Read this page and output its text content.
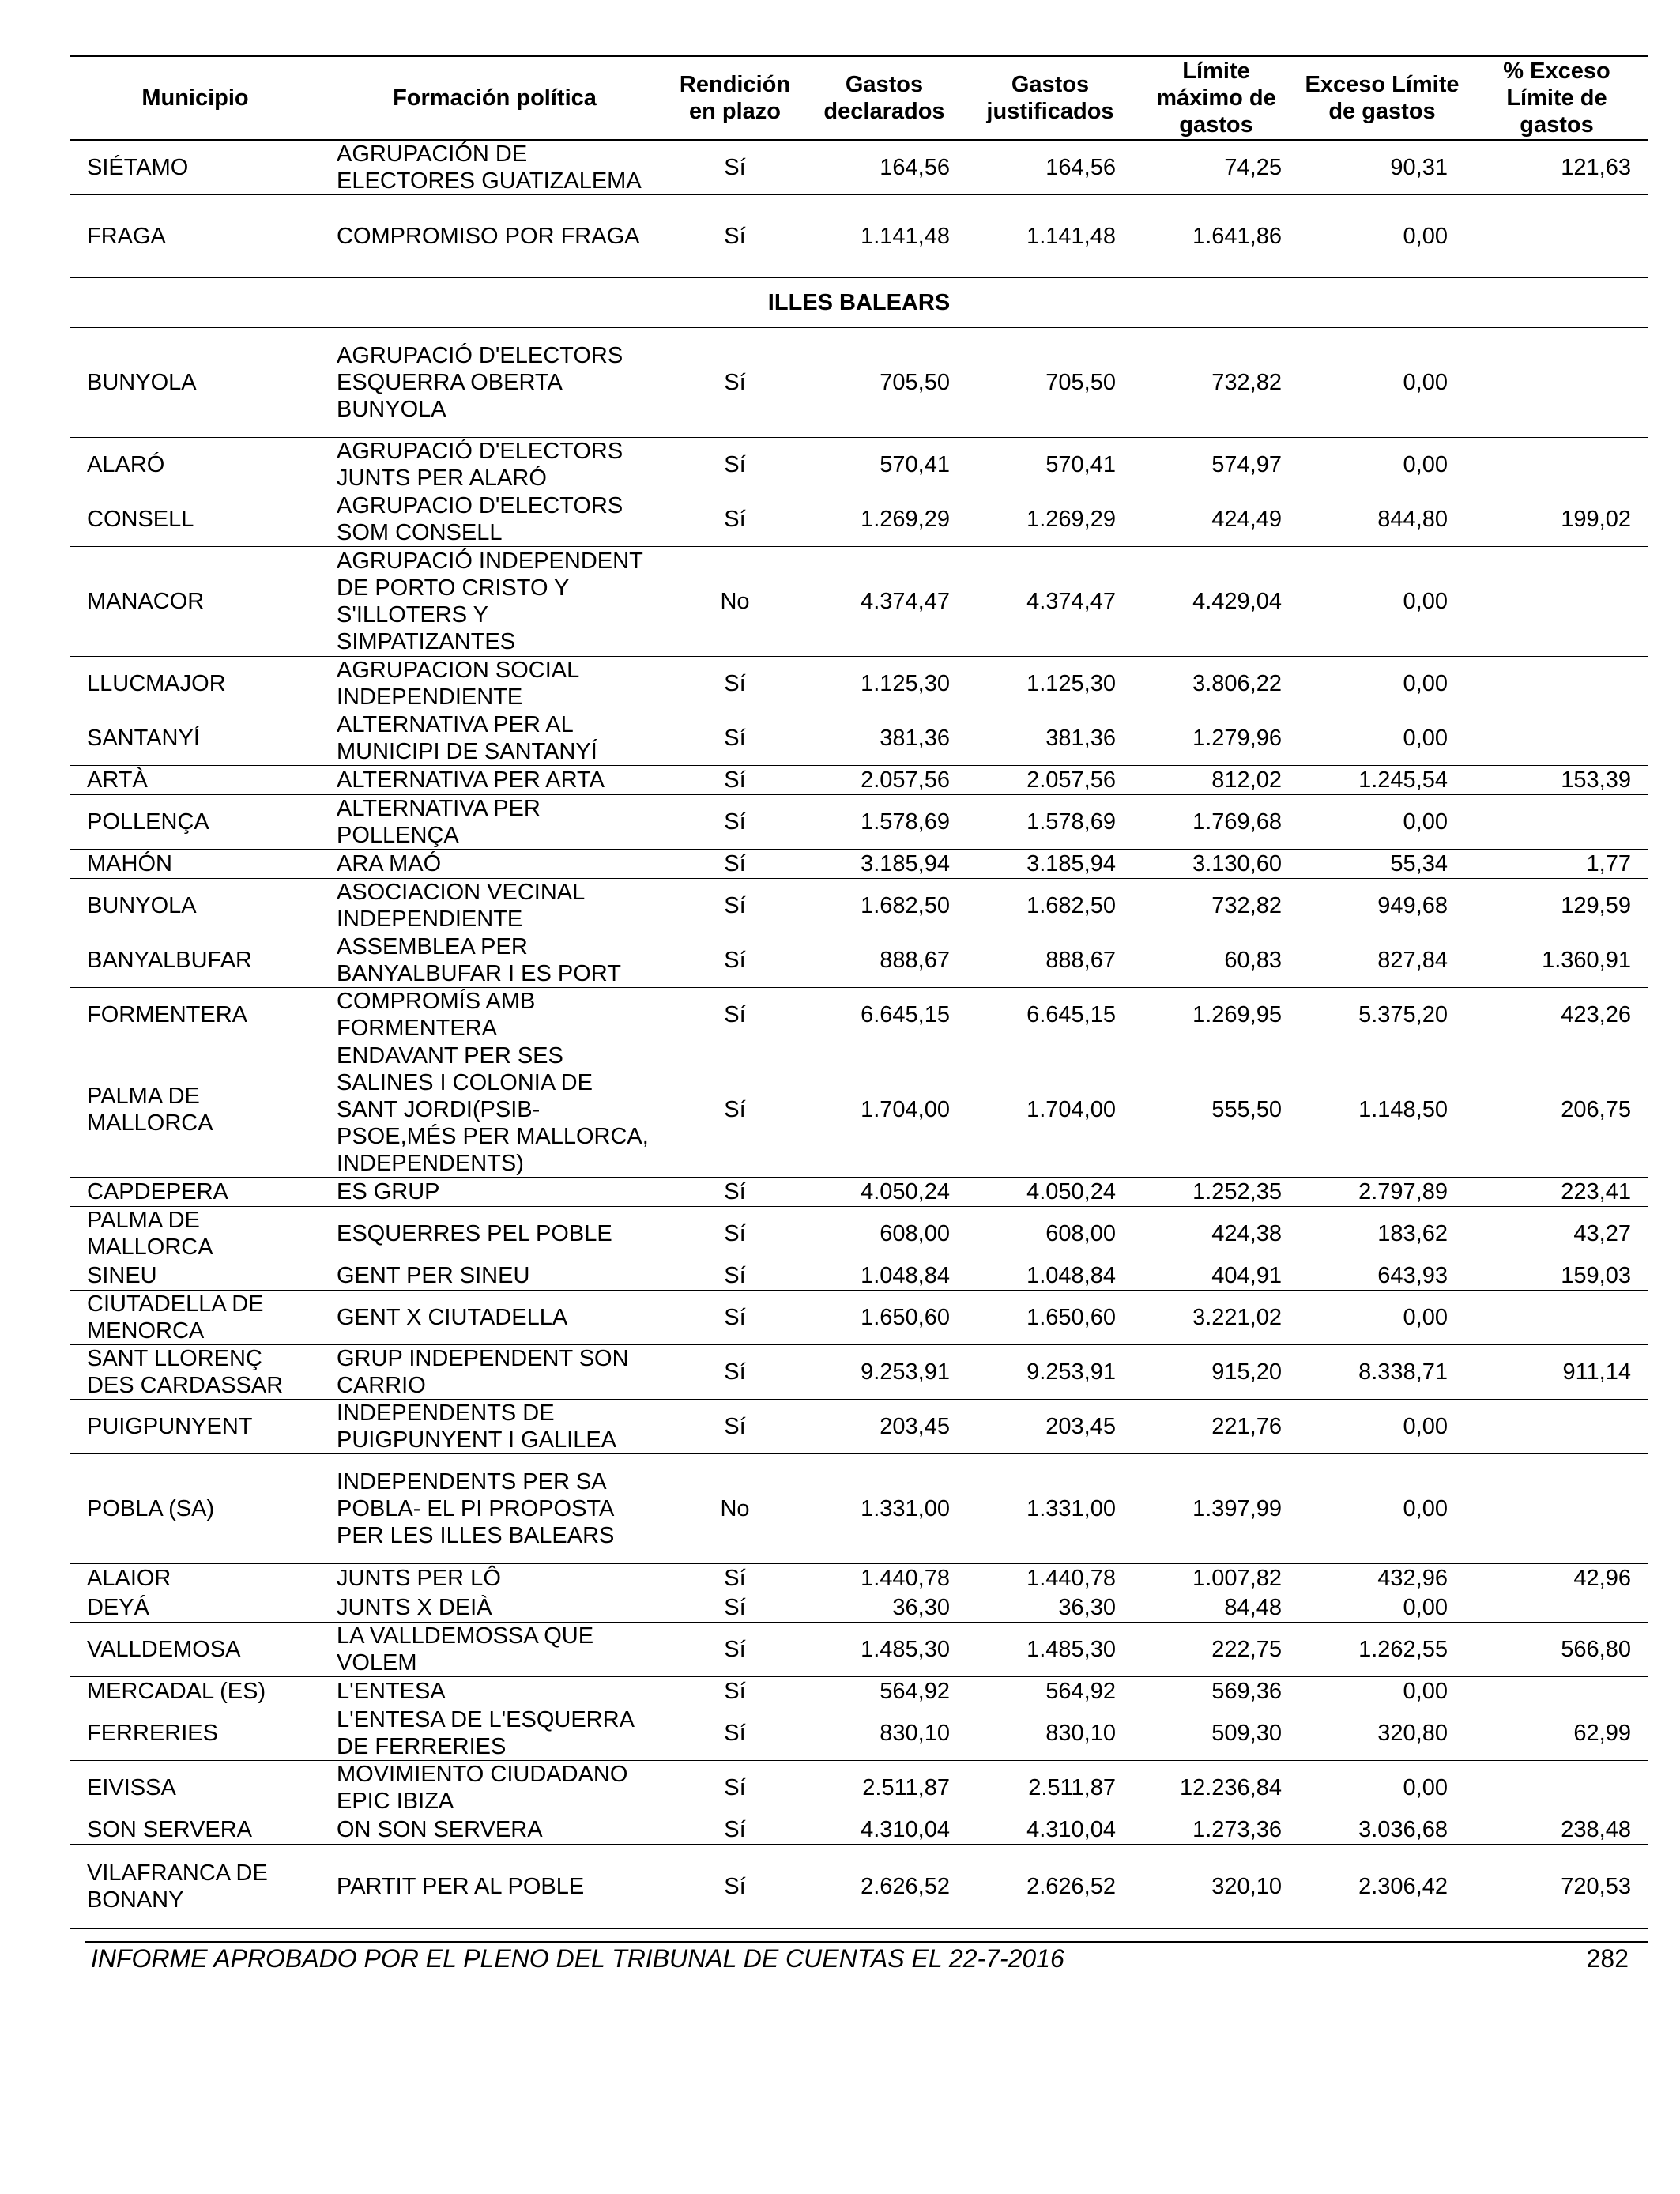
Municipio	Formación política	Rendición en plazo	Gastos declarados	Gastos justificados	Límite máximo de gastos	Exceso Límite de gastos	% Exceso Límite de gastos
SIÉTAMO	AGRUPACIÓN DE ELECTORES GUATIZALEMA	Sí	164,56	164,56	74,25	90,31	121,63
FRAGA	COMPROMISO POR FRAGA	Sí	1.141,48	1.141,48	1.641,86	0,00	
ILLES BALEARS							
BUNYOLA	AGRUPACIÓ D'ELECTORS ESQUERRA OBERTA BUNYOLA	Sí	705,50	705,50	732,82	0,00	
ALARÓ	AGRUPACIÓ D'ELECTORS JUNTS PER ALARÓ	Sí	570,41	570,41	574,97	0,00	
CONSELL	AGRUPACIO D'ELECTORS SOM CONSELL	Sí	1.269,29	1.269,29	424,49	844,80	199,02
MANACOR	AGRUPACIÓ INDEPENDENT DE PORTO CRISTO Y S'ILLOTERS Y SIMPATIZANTES	No	4.374,47	4.374,47	4.429,04	0,00	
LLUCMAJOR	AGRUPACION SOCIAL INDEPENDIENTE	Sí	1.125,30	1.125,30	3.806,22	0,00	
SANTANYÍ	ALTERNATIVA PER AL MUNICIPI DE SANTANYÍ	Sí	381,36	381,36	1.279,96	0,00	
ARTÀ	ALTERNATIVA PER ARTA	Sí	2.057,56	2.057,56	812,02	1.245,54	153,39
POLLENÇA	ALTERNATIVA PER POLLENÇA	Sí	1.578,69	1.578,69	1.769,68	0,00	
MAHÓN	ARA MAÓ	Sí	3.185,94	3.185,94	3.130,60	55,34	1,77
BUNYOLA	ASOCIACION VECINAL INDEPENDIENTE	Sí	1.682,50	1.682,50	732,82	949,68	129,59
BANYALBUFAR	ASSEMBLEA PER BANYALBUFAR I ES PORT	Sí	888,67	888,67	60,83	827,84	1.360,91
FORMENTERA	COMPROMÍS AMB FORMENTERA	Sí	6.645,15	6.645,15	1.269,95	5.375,20	423,26
PALMA DE MALLORCA	ENDAVANT PER SES SALINES I COLONIA DE SANT JORDI(PSIB-PSOE,MÉS PER MALLORCA, INDEPENDENTS)	Sí	1.704,00	1.704,00	555,50	1.148,50	206,75
CAPDEPERA	ES GRUP	Sí	4.050,24	4.050,24	1.252,35	2.797,89	223,41
PALMA DE MALLORCA	ESQUERRES PEL POBLE	Sí	608,00	608,00	424,38	183,62	43,27
SINEU	GENT PER SINEU	Sí	1.048,84	1.048,84	404,91	643,93	159,03
CIUTADELLA DE MENORCA	GENT X CIUTADELLA	Sí	1.650,60	1.650,60	3.221,02	0,00	
SANT LLORENÇ DES CARDASSAR	GRUP INDEPENDENT SON CARRIO	Sí	9.253,91	9.253,91	915,20	8.338,71	911,14
PUIGPUNYENT	INDEPENDENTS DE PUIGPUNYENT I GALILEA	Sí	203,45	203,45	221,76	0,00	
POBLA (SA)	INDEPENDENTS PER SA POBLA- EL PI PROPOSTA PER LES ILLES BALEARS	No	1.331,00	1.331,00	1.397,99	0,00	
ALAIOR	JUNTS PER LÔ	Sí	1.440,78	1.440,78	1.007,82	432,96	42,96
DEYÁ	JUNTS X DEIÀ	Sí	36,30	36,30	84,48	0,00	
VALLDEMOSA	LA VALLDEMOSSA QUE VOLEM	Sí	1.485,30	1.485,30	222,75	1.262,55	566,80
MERCADAL (ES)	L'ENTESA	Sí	564,92	564,92	569,36	0,00	
FERRERIES	L'ENTESA DE L'ESQUERRA DE FERRERIES	Sí	830,10	830,10	509,30	320,80	62,99
EIVISSA	MOVIMIENTO CIUDADANO EPIC IBIZA	Sí	2.511,87	2.511,87	12.236,84	0,00	
SON SERVERA	ON SON SERVERA	Sí	4.310,04	4.310,04	1.273,36	3.036,68	238,48
VILAFRANCA DE BONANY	PARTIT PER AL POBLE	Sí	2.626,52	2.626,52	320,10	2.306,42	720,53
INFORME APROBADO POR EL PLENO DEL TRIBUNAL DE CUENTAS EL 22-7-2016	282
